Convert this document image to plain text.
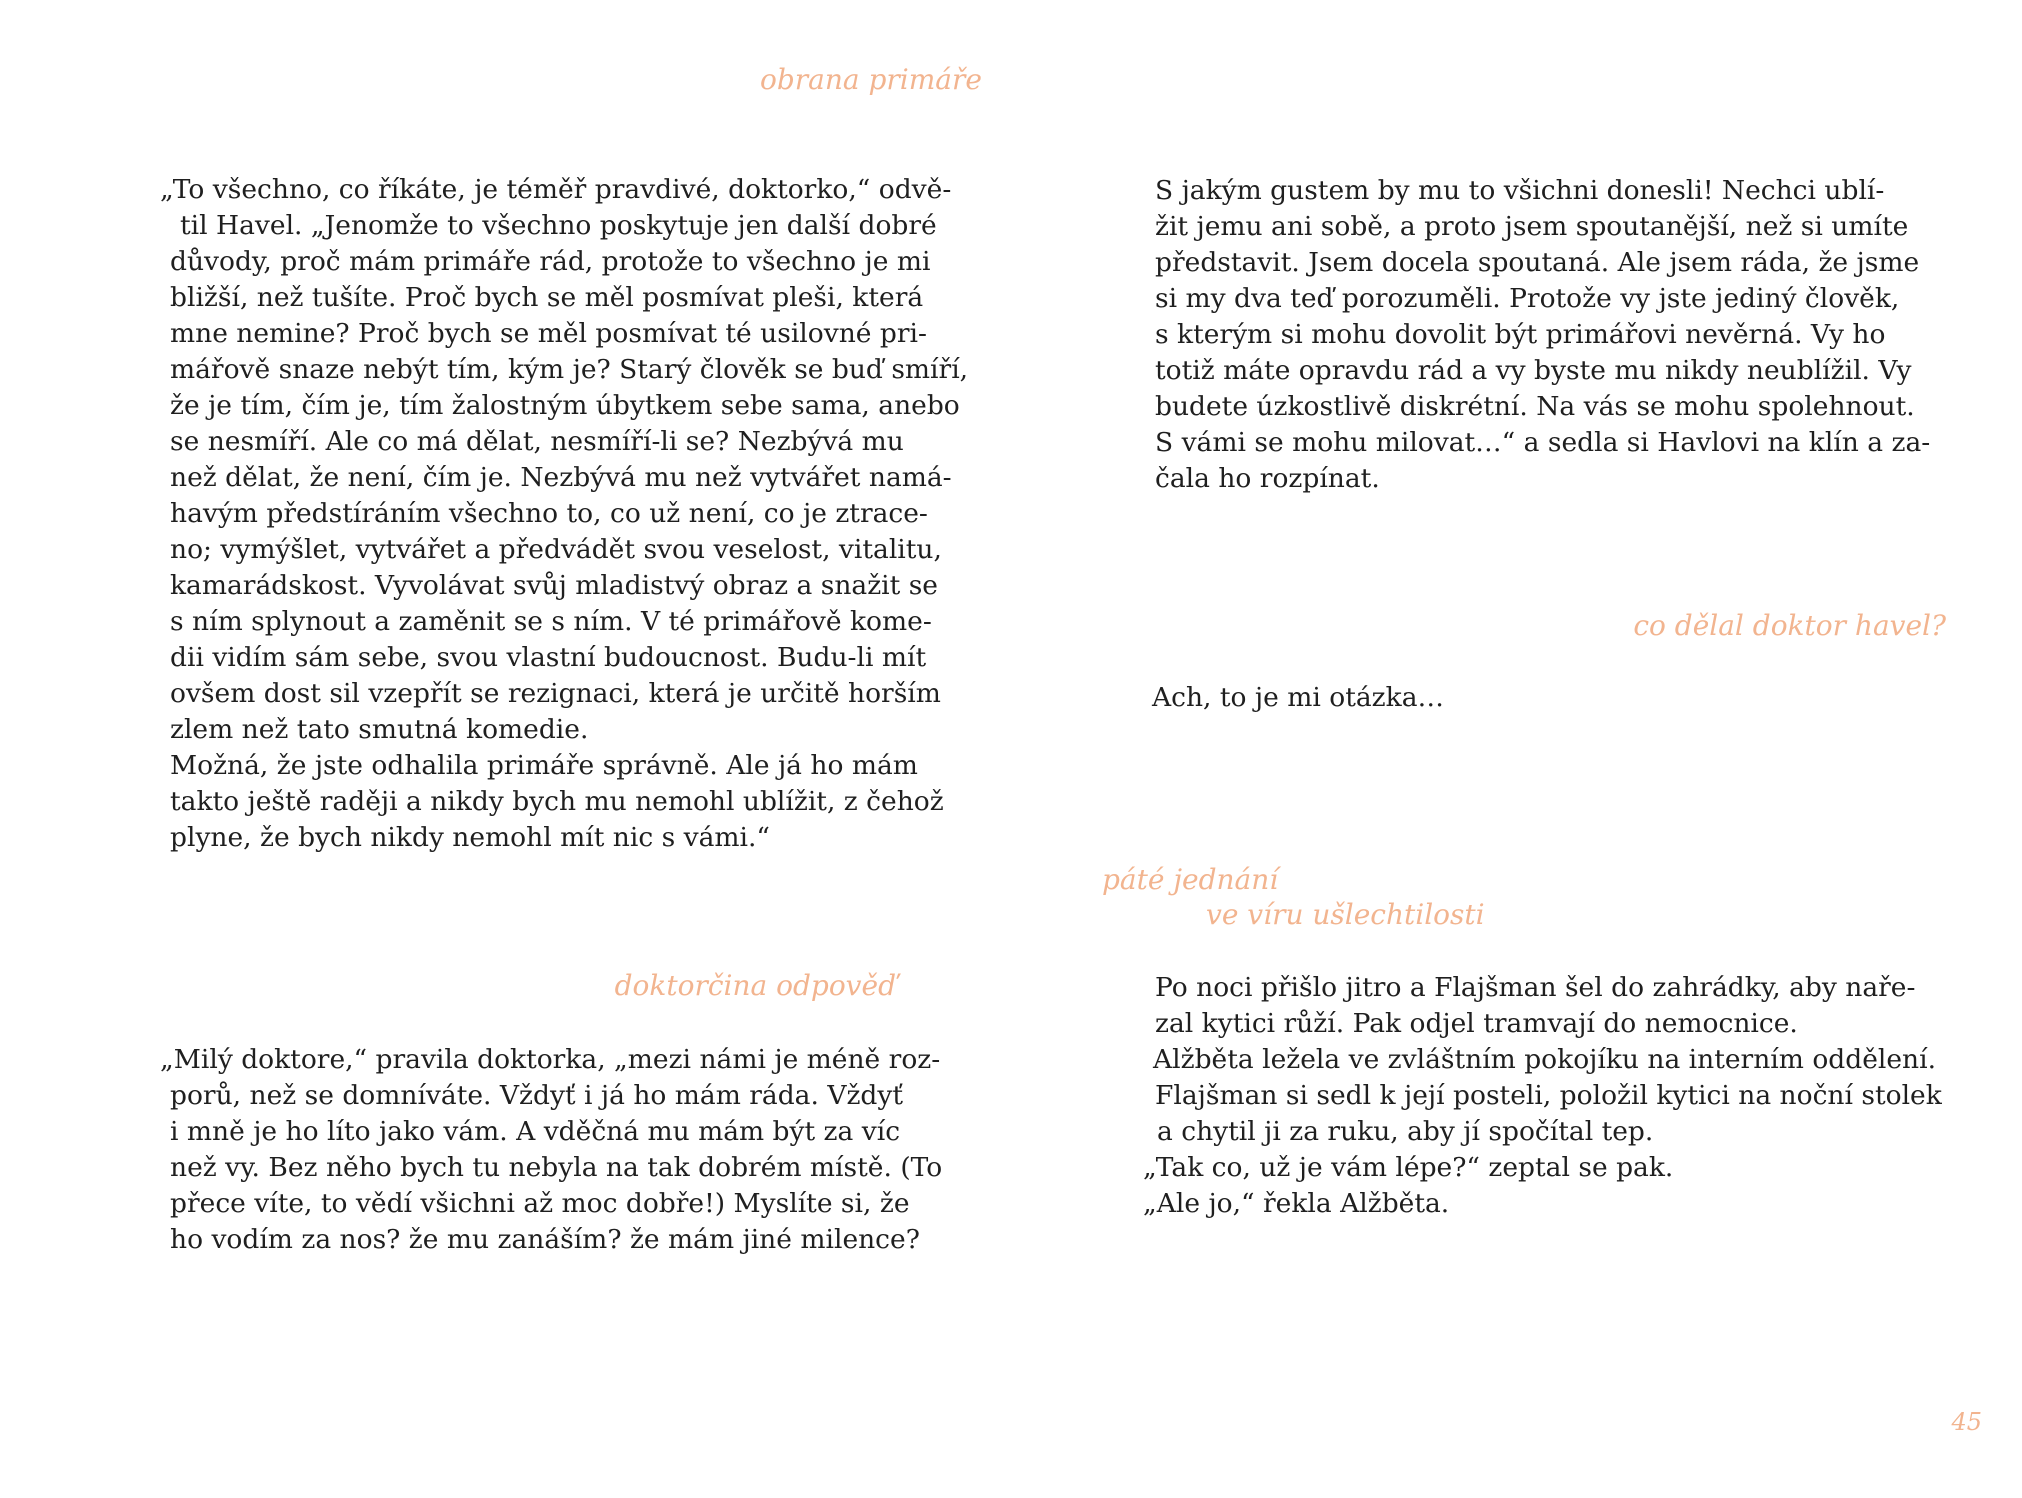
obrana primáře
„To všechno, co říkáte, je téměř pravdivé, doktorko,“ odvě-
til Havel. „Jenomže to všechno poskytuje jen další dobré
důvody, proč mám primáře rád, protože to všechno je mi
bližší, než tušíte. Proč bych se měl posmívat pleši, která
mne nemine? Proč bych se měl posmívat té usilovné pri-
mářově snaze nebýt tím, kým je? Starý člověk se buď smíří,
že je tím, čím je, tím žalostným úbytkem sebe sama, anebo
se nesmíří. Ale co má dělat, nesmíří-li se? Nezbývá mu
než dělat, že není, čím je. Nezbývá mu než vytvářet namá-
havým předstíráním všechno to, co už není, co je ztrace-
no; vymýšlet, vytvářet a předvádět svou veselost, vitalitu,
kamarádskost. Vyvolávat svůj mladistvý obraz a snažit se
s ním splynout a zaměnit se s ním. V té primářově kome-
dii vidím sám sebe, svou vlastní budoucnost. Budu-li mít
ovšem dost sil vzepřít se rezignaci, která je určitě horším
zlem než tato smutná komedie.
Možná, že jste odhalila primáře správně. Ale já ho mám
takto ještě raději a nikdy bych mu nemohl ublížit, z čehož
plyne, že bych nikdy nemohl mít nic s vámi.“
doktorčina odpověď
„Milý doktore,“ pravila doktorka, „mezi námi je méně roz-
porů, než se domníváte. Vždyť i já ho mám ráda. Vždyť
i mně je ho líto jako vám. A vděčná mu mám být za víc
než vy. Bez něho bych tu nebyla na tak dobrém místě. (To
přece víte, to vědí všichni až moc dobře!) Myslíte si, že
ho vodím za nos? že mu zanáším? že mám jiné milence?
S jakým gustem by mu to všichni donesli! Nechci ublí-
žit jemu ani sobě, a proto jsem spoutanější, než si umíte
představit. Jsem docela spoutaná. Ale jsem ráda, že jsme
si my dva teď porozuměli. Protože vy jste jediný člověk,
s kterým si mohu dovolit být primářovi nevěrná. Vy ho
totiž máte opravdu rád a vy byste mu nikdy neublížil. Vy
budete úzkostlivě diskrétní. Na vás se mohu spolehnout.
S vámi se mohu milovat…“ a sedla si Havlovi na klín a za-
čala ho rozpínat.
co dělal doktor havel?
Ach, to je mi otázka…
páté jednání
ve víru ušlechtilosti
Po noci přišlo jitro a Flajšman šel do zahrádky, aby naře-
zal kytici růží. Pak odjel tramvají do nemocnice.
Alžběta ležela ve zvláštním pokojíku na interním oddělení.
Flajšman si sedl k její posteli, položil kytici na noční stolek
a chytil ji za ruku, aby jí spočítal tep.
„Tak co, už je vám lépe?“ zeptal se pak.
„Ale jo,“ řekla Alžběta.
45
